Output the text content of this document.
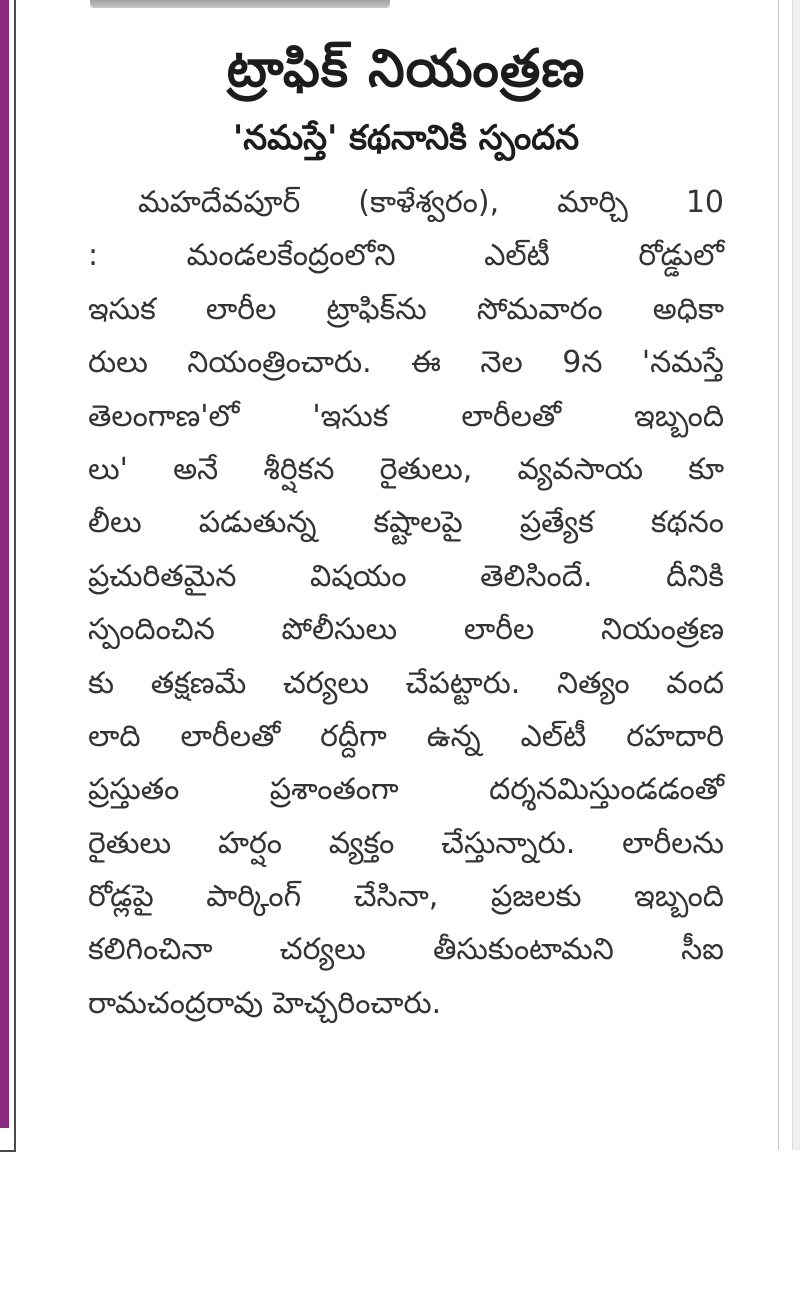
ట్రాఫిక్ నియంత్రణ
'నమస్తే' కథనానికి స్పందన
మహదేవపూర్ (కాళేశ్వరం), మార్చి 10
: మండలకేంద్రంలోని ఎల్‌టీ రోడ్డులో
ఇసుక లారీల ట్రాఫిక్‌ను సోమవారం అధికా
రులు నియంత్రించారు. ఈ నెల 9న 'నమస్తే
తెలంగాణ'లో 'ఇసుక లారీలతో ఇబ్బంది
లు' అనే శీర్షికన రైతులు, వ్యవసాయ కూ
లీలు పడుతున్న కష్టాలపై ప్రత్యేక కథనం
ప్రచురితమైన విషయం తెలిసిందే. దీనికి
స్పందించిన పోలీసులు లారీల నియంత్రణ
కు తక్షణమే చర్యలు చేపట్టారు. నిత్యం వంద
లాది లారీలతో రద్దీగా ఉన్న ఎల్‌టీ రహదారి
ప్రస్తుతం ప్రశాంతంగా దర్శనమిస్తుండడంతో
రైతులు హర్షం వ్యక్తం చేస్తున్నారు. లారీలను
రోడ్లపై పార్కింగ్ చేసినా, ప్రజలకు ఇబ్బంది
కలిగించినా చర్యలు తీసుకుంటామని సీఐ
రామచంద్రరావు హెచ్చరించారు.
